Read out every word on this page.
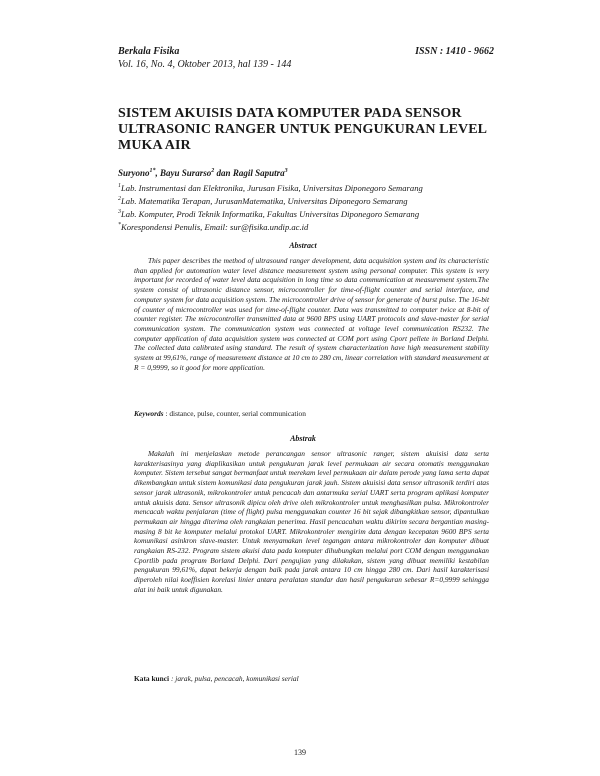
Berkala Fisika	ISSN : 1410 - 9662
Vol. 16, No. 4, Oktober 2013, hal 139 - 144
SISTEM AKUISIS DATA KOMPUTER PADA SENSOR ULTRASONIC RANGER UNTUK PENGUKURAN LEVEL MUKA AIR
Suryono$^{1*}$, Bayu Surarso$^2$ dan Ragil Saputra$^3$
$^1$Lab. Instrumentasi dan Elektronika, Jurusan Fisika, Universitas Diponegoro Semarang
$^2$Lab. Matematika Terapan, JurusanMatematika, Universitas Diponegoro Semarang
$^3$Lab. Komputer, Prodi Teknik Informatika, Fakultas Universitas Diponegoro Semarang
*Korespondensi Penulis, Email: sur@fisika.undip.ac.id
Abstract

This paper describes the method of ultrasound ranger development, data acquisition system and its characteristic than applied for automation water level distance measurement system using personal computer. This system is very important for recorded of water level data acquisition in long time so data communication at measurement system.The system consist of ultrasonic distance sensor, microcontroller for time-of-flight counter and serial interface, and computer system for data acquisition system. The microcontroller drive of sensor for generate of burst pulse. The 16-bit of counter of microcontroller was used for time-of-flight counter. Data was transmitted to computer twice at 8-bit of counter register. The microcontroller transmitted data at 9600 BPS using UART protocols and slave-master for serial communication system. The communication system was connected at voltage level communication RS232. The computer application of data acquisition system was connected at COM port using Cport pellete in Borland Delphi. The collected data calibrated using standard. The result of system characterization have high measurement stability system at 99,61%, range of measurement distance at 10 cm to 280 cm, linear correlation with standard measurement at R = 0,9999, so it good for more application.

Keywords : distance, pulse, counter, serial communication

Abstrak

Makalah ini menjelaskan metode perancangan sensor ultrasonic ranger, sistem akuisisi data serta karakterisasinya yang diaplikasikan untuk pengukuran jarak level permukaan air secara otomatis menggunakan komputer. Sistem tersebut sangat bermanfaat untuk merekam level permukaan air dalam perode yang lama serta dapat dikembangkan untuk sistem komunikasi data pengukuran jarak jauh. Sistem akuisisi data sensor ultrasonik terdiri atas sensor jarak ultrasonik, mikrokontroler untuk pencacah dan antarmuka serial UART serta program aplikasi komputer untuk akuisis data. Sensor ultrasonik dipicu oleh drive oleh mikrokontroler untuk menghasilkan pulsa. Mikrokontroler mencacah waktu penjalaran (time of flight) pulsa menggunakan counter 16 bit sejak dibangkitkan sensor, dipantulkan permukaan air hingga diterima oleh rangkaian penerima. Hasil pencacahan waktu dikirim secara bergantian masing-masing 8 bit ke komputer melalui protokol UART. Mikrokontroler mengirim data dengan kecepatan 9600 BPS serta komunikasi asinkron slave-master. Untuk menyamakan level tegangan antara mikrokontroler dan komputer dibuat rangkaian RS-232. Program sistem akuisi data pada komputer dihubungkan melalui port COM dengan menggunakan Cportlib pada program Borland Delphi. Dari pengujian yang dilakukan, sistem yang dibuat memiliki kestabilan pengukuran 99,61%, dapat bekerja dengan baik pada jarak antara 10 cm hingga 280 cm. Dari hasil karakterisasi diperoleh nilai koeffisien korelasi linier antara peralatan standar dan hasil pengukuran sebesar R=0,9999 sehingga alat ini baik untuk digunakan.

Kata kunci : jarak, pulsa, pencacah, komunikasi serial

139
